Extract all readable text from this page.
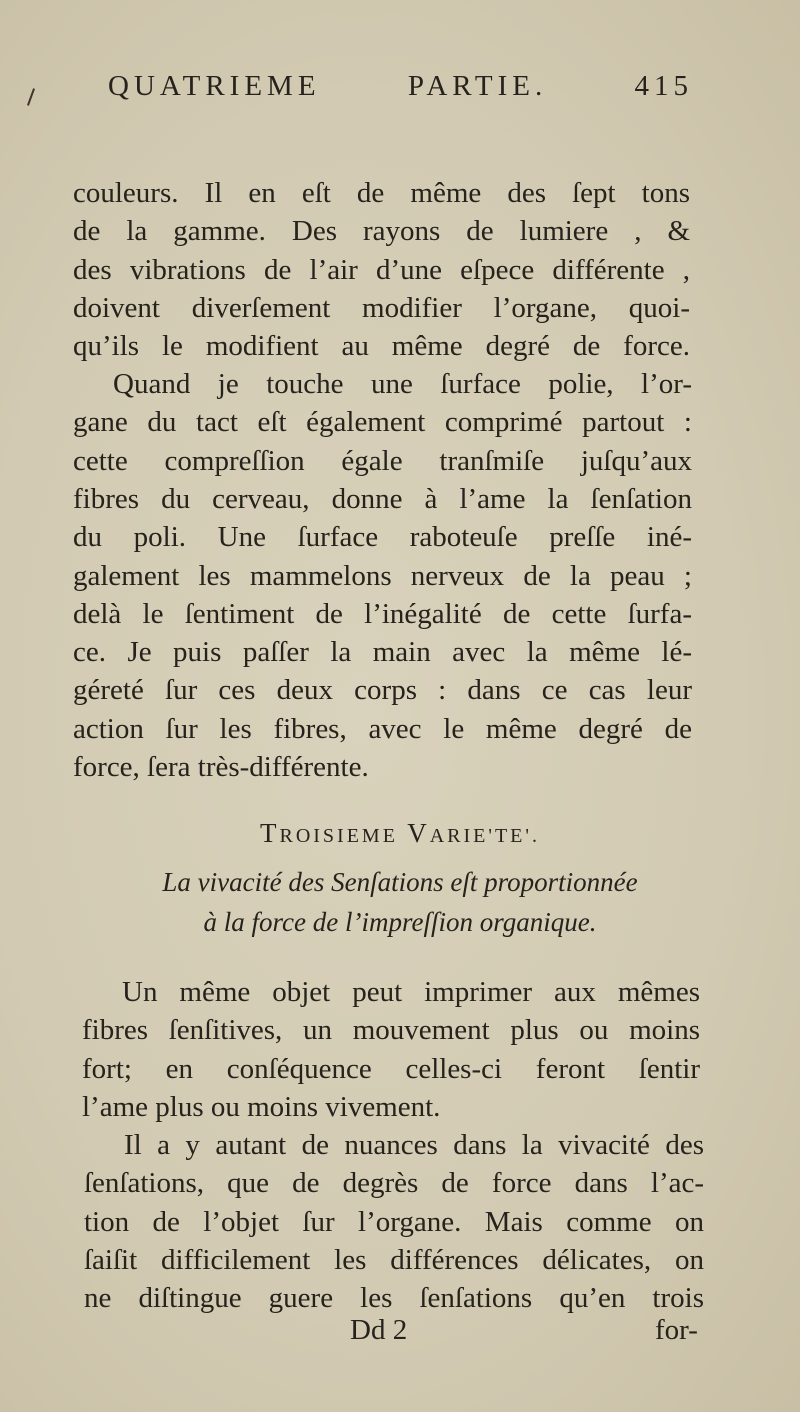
QUATRIEME PARTIE.	415
couleurs. Il en eſt de même des ſept tons
de la gamme. Des rayons de lumiere , &
des vibrations de l’air d’une eſpece différente ,
doivent diverſement modifier l’organe, quoi-
qu’ils le modifient au même degré de force.
Quand je touche une ſurface polie, l’or-
gane du tact eſt également comprimé partout :
cette compreſſion égale tranſmiſe juſqu’aux
fibres du cerveau, donne à l’ame la ſenſation
du poli. Une ſurface raboteuſe preſſe iné-
galement les mammelons nerveux de la peau ;
delà le ſentiment de l’inégalité de cette ſurfa-
ce. Je puis paſſer la main avec la même lé-
géreté ſur ces deux corps : dans ce cas leur
action ſur les fibres, avec le même degré de
force, ſera très-différente.
Un même objet peut imprimer aux mêmes
fibres ſenſitives, un mouvement plus ou moins
fort; en conſéquence celles-ci feront ſentir
l’ame plus ou moins vivement.
Il a y autant de nuances dans la vivacité des
ſenſations, que de degrès de force dans l’ac-
tion de l’objet ſur l’organe. Mais comme on
ſaiſit difficilement les différences délicates, on
ne diſtingue guere les ſenſations qu’en trois
TROISIEME VARIE'TE'.
La vivacité des Senſations eſt proportionnée
à la force de l’impreſſion organique.
Dd 2	for-
